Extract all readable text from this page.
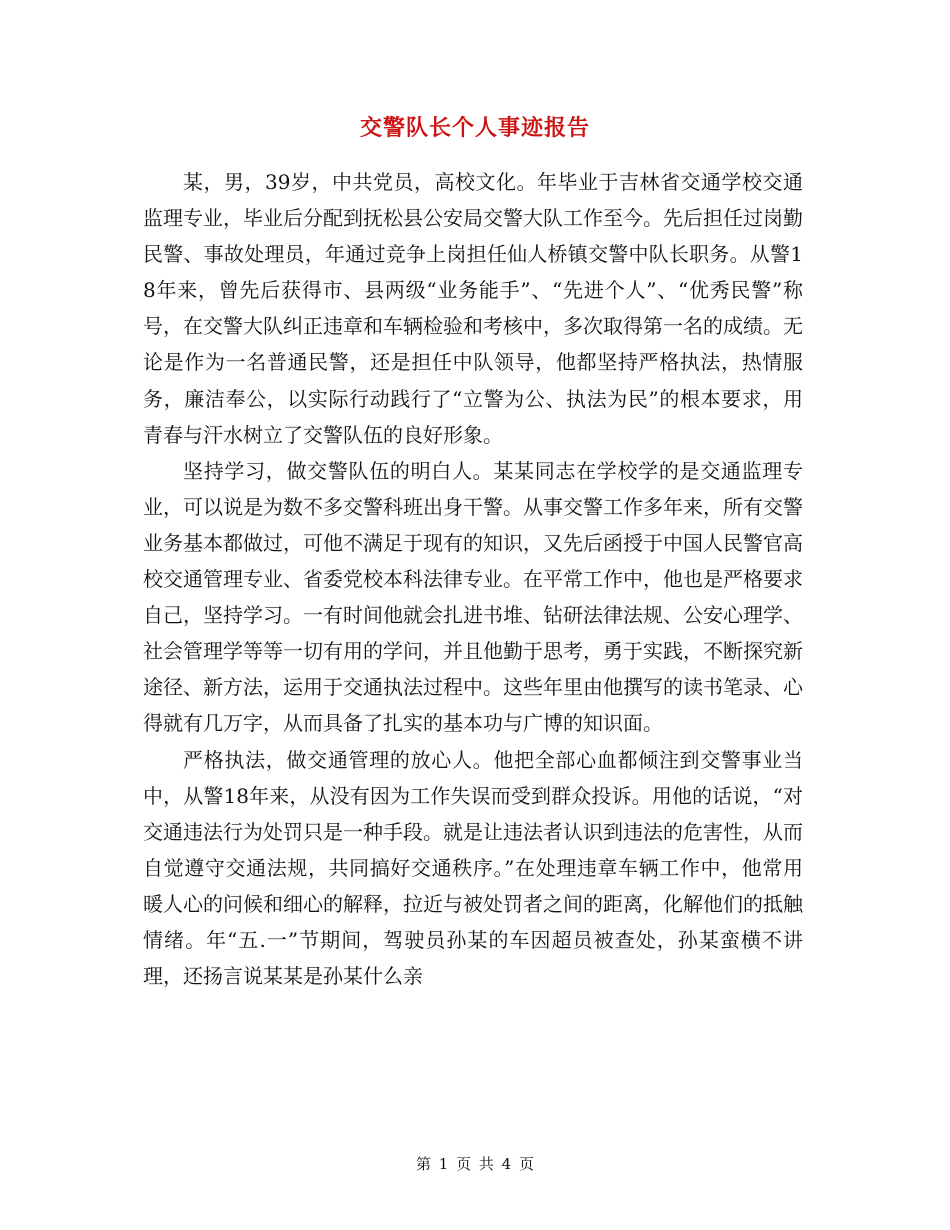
交警队长个人事迹报告

某，男，39岁，中共党员，高校文化。年毕业于吉林省交通学校交通监理专业，毕业后分配到抚松县公安局交警大队工作至今。先后担任过岗勤民警、事故处理员，年通过竞争上岗担任仙人桥镇交警中队长职务。从警18年来，曾先后获得市、县两级“业务能手”、“先进个人”、“优秀民警”称号，在交警大队纠正违章和车辆检验和考核中，多次取得第一名的成绩。无论是作为一名普通民警，还是担任中队领导，他都坚持严格执法，热情服务，廉洁奉公，以实际行动践行了“立警为公、执法为民”的根本要求，用青春与汗水树立了交警队伍的良好形象。

坚持学习，做交警队伍的明白人。某某同志在学校学的是交通监理专业，可以说是为数不多交警科班出身干警。从事交警工作多年来，所有交警业务基本都做过，可他不满足于现有的知识，又先后函授于中国人民警官高校交通管理专业、省委党校本科法律专业。在平常工作中，他也是严格要求自己，坚持学习。一有时间他就会扎进书堆、钻研法律法规、公安心理学、社会管理学等等一切有用的学问，并且他勤于思考，勇于实践，不断探究新途径、新方法，运用于交通执法过程中。这些年里由他撰写的读书笔录、心得就有几万字，从而具备了扎实的基本功与广博的知识面。

严格执法，做交通管理的放心人。他把全部心血都倾注到交警事业当中，从警18年来，从没有因为工作失误而受到群众投诉。用他的话说，“对交通违法行为处罚只是一种手段。就是让违法者认识到违法的危害性，从而自觉遵守交通法规，共同搞好交通秩序。”在处理违章车辆工作中，他常用暖人心的问候和细心的解释，拉近与被处罚者之间的距离，化解他们的抵触情绪。年“五.一”节期间，驾驶员孙某的车因超员被查处，孙某蛮横不讲理，还扬言说某某是孙某什么亲

第 1 页 共 4 页
